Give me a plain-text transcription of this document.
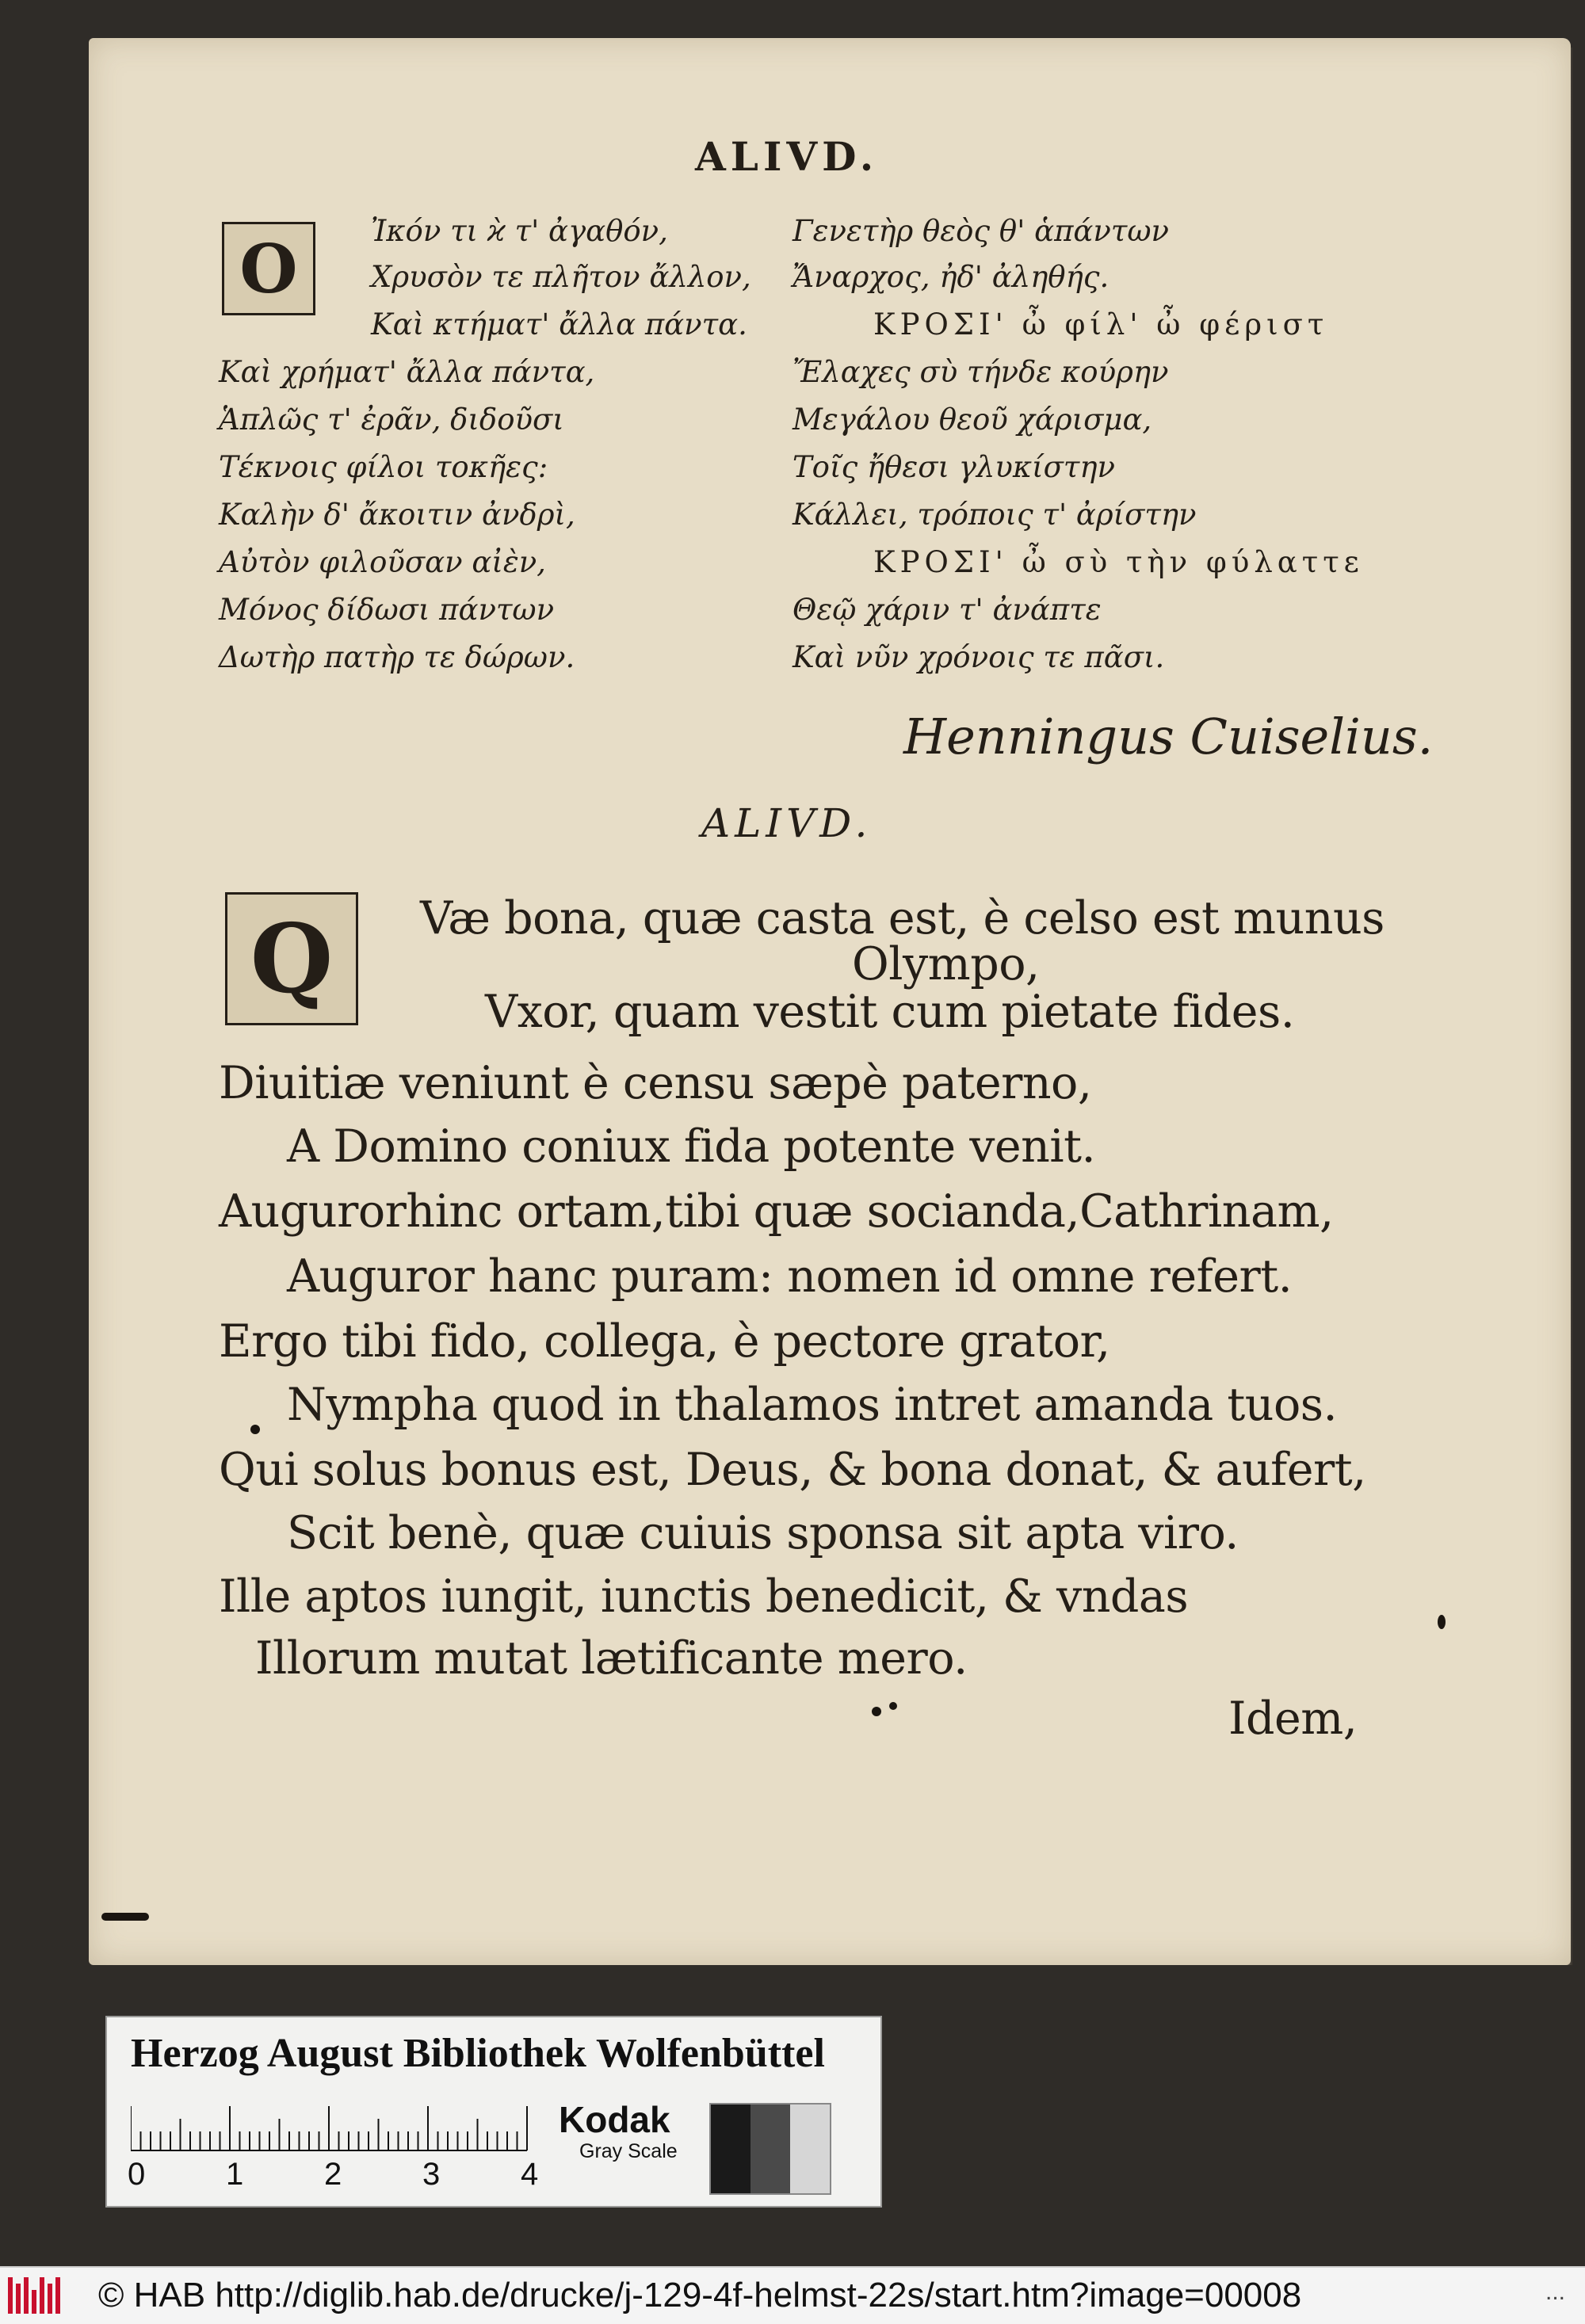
ALIVD.
Ο Ἰκόν τι ϰ̀ τ' ἀγαθόν,
Χρυσὸν τε πλῆτον ἄλλον,
Καὶ κτήματ' ἄλλα πάντα.
Καὶ χρήματ' ἄλλα πάντα,
Ἁπλῶς τ' ἐρᾶν, διδοῦσι
Τέκνοις φίλοι τοκῆες:
Καλὴν δ' ἄκοιτιν ἀνδρὶ,
Αὐτὸν φιλοῦσαν αἰὲν,
Μόνος δίδωσι πάντων
Δωτὴρ πατὴρ τε δώρων.
Γενετὴρ θεὸς θ' ἁπάντων
Ἄναρχος, ἠδ' ἀληθής.
ΚΡΟΣΙ' ὦ φίλ' ὦ φέριστ
Ἔλαχες σὺ τήνδε κούρην
Μεγάλου θεοῦ χάρισμα,
Τοῖς ἤθεσι γλυκίστην
Κάλλει, τρόποις τ' ἀρίστην
ΚΡΟΣΙ' ὦ σὺ τὴν φύλαττε
Θεῷ χάριν τ' ἀνάπτε
Καὶ νῦν χρόνοις τε πᾶσι.
Henningus Cuiselius.
ALIVD.
Q Væ bona, quæ casta est, è celso est munus
Olympo,
Vxor, quam vestit cum pietate fides.
Diuitiæ veniunt è censu sæpè paterno,
A Domino coniux fida potente venit.
Augurorhinc ortam,tibi quæ socianda,Cathrinam,
Auguror hanc puram: nomen id omne refert.
Ergo tibi fido, collega, è pectore grator,
Nympha quod in thalamos intret amanda tuos.
Qui solus bonus est, Deus, & bona donat, & aufert,
Scit benè, quæ cuiuis sponsa sit apta viro.
Ille aptos iungit, iunctis benedicit, & vndas
Illorum mutat lætificante mero.
Idem,
Herzog August Bibliothek Wolfenbüttel
0	1	2	3	4
Kodak
Gray Scale
© HAB http://diglib.hab.de/drucke/j-129-4f-helmst-22s/start.htm?image=00008	...
